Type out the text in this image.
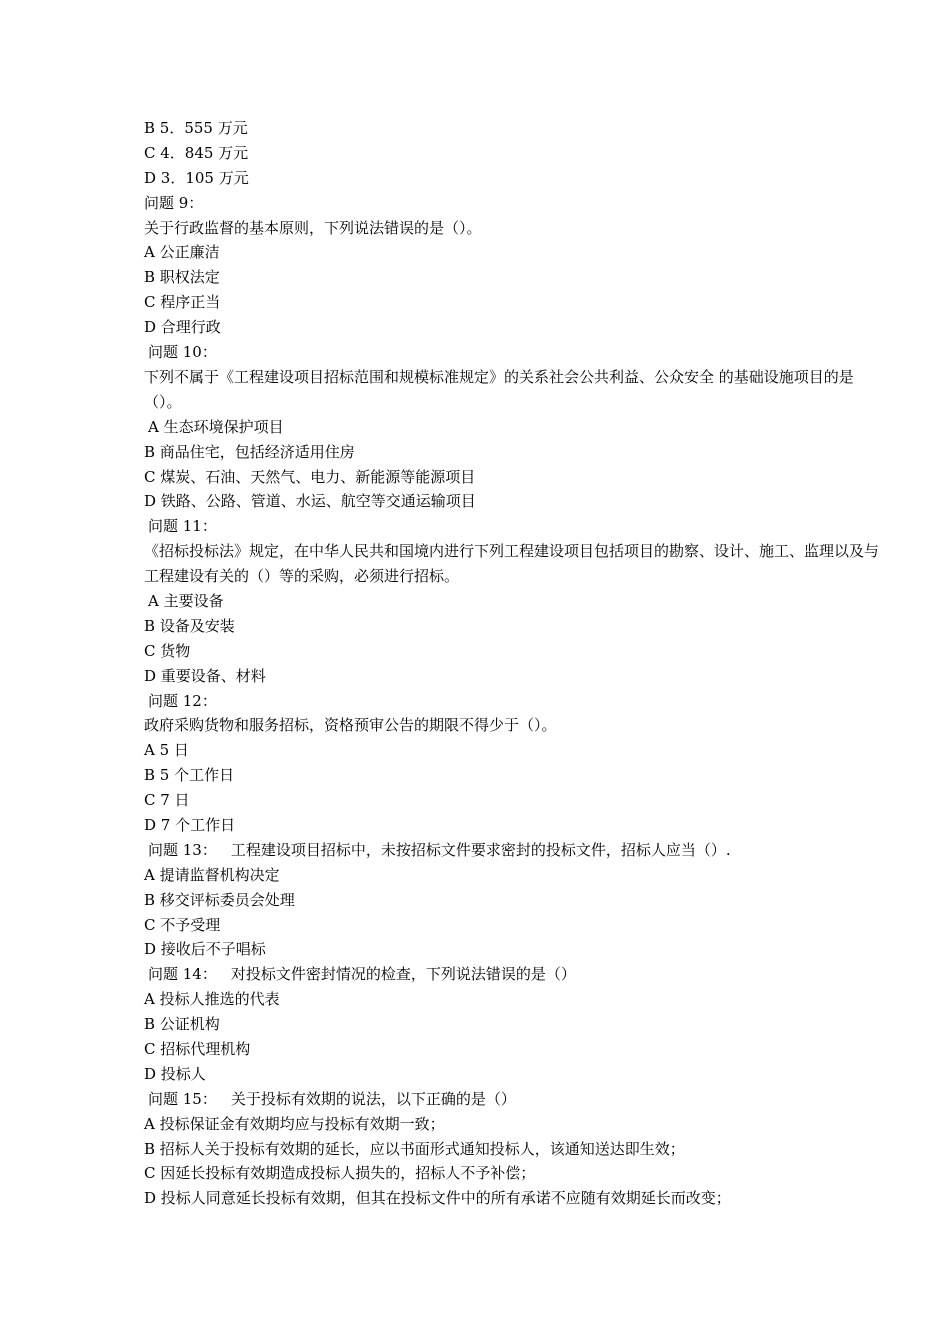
B 5．555 万元
C 4．845 万元
D 3．105 万元
问题 9：
关于行政监督的基本原则，下列说法错误的是（）。
A 公正廉洁
B 职权法定
C 程序正当
D 合理行政
问题 10：
下列不属于《工程建设项目招标范围和规模标准规定》的关系社会公共利益、公众安全 的基础设施项目的是（）。
A 生态环境保护项目
B 商品住宅，包括经济适用住房
C 煤炭、石油、天然气、电力、新能源等能源项目
D 铁路、公路、管道、水运、航空等交通运输项目
问题 11：
《招标投标法》规定，在中华人民共和国境内进行下列工程建设项目包括项目的勘察、设计、施工、监理以及与工程建设有关的（）等的采购，必须进行招标。
A 主要设备
B 设备及安装
C 货物
D 重要设备、材料
问题 12：
政府采购货物和服务招标，资格预审公告的期限不得少于（）。
A 5 日
B 5 个工作日
C 7 日
D 7 个工作日
问题 13： 工程建设项目招标中，未按招标文件要求密封的投标文件，招标人应当（）.
A 提请监督机构决定
B 移交评标委员会处理
C 不予受理
D 接收后不子唱标
问题 14： 对投标文件密封情况的检查，下列说法错误的是（）
A 投标人推选的代表
B 公证机构
C 招标代理机构
D 投标人
问题 15： 关于投标有效期的说法，以下正确的是（）
A 投标保证金有效期均应与投标有效期一致；
B 招标人关于投标有效期的延长，应以书面形式通知投标人，该通知送达即生效；
C 因延长投标有效期造成投标人损失的，招标人不予补偿；
D 投标人同意延长投标有效期，但其在投标文件中的所有承诺不应随有效期延长而改变；
